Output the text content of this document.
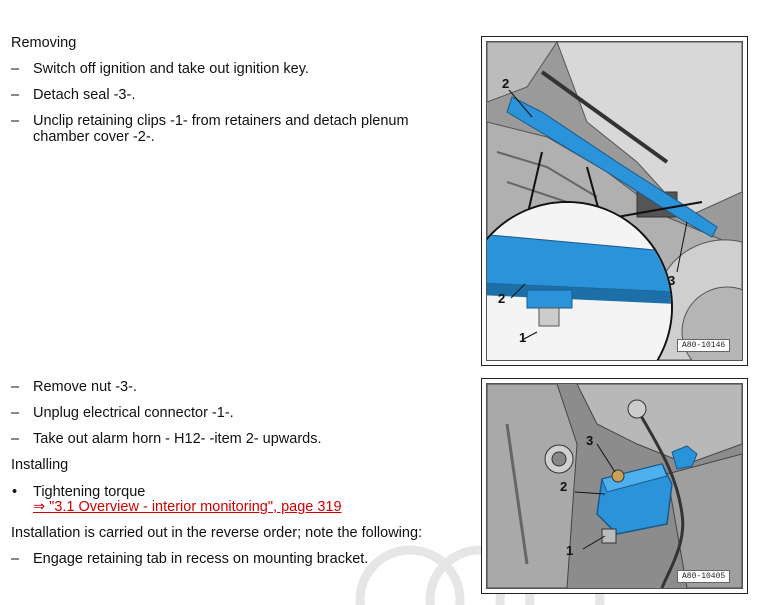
Removing
– Switch off ignition and take out ignition key.
– Detach seal -3-.
– Unclip retaining clips -1- from retainers and detach plenum
chamber cover -2-.
– Remove nut -3-.
– Unplug electrical connector -1-.
– Take out alarm horn - H12- -item 2- upwards.
Installing
• Tightening torque
⇒ "3.1 Overview - interior monitoring", page 319
Installation is carried out in the reverse order; note the following:
– Engage retaining tab in recess on mounting bracket.
2
3
2
1
A80-10146
3
2
1
A80-10405
